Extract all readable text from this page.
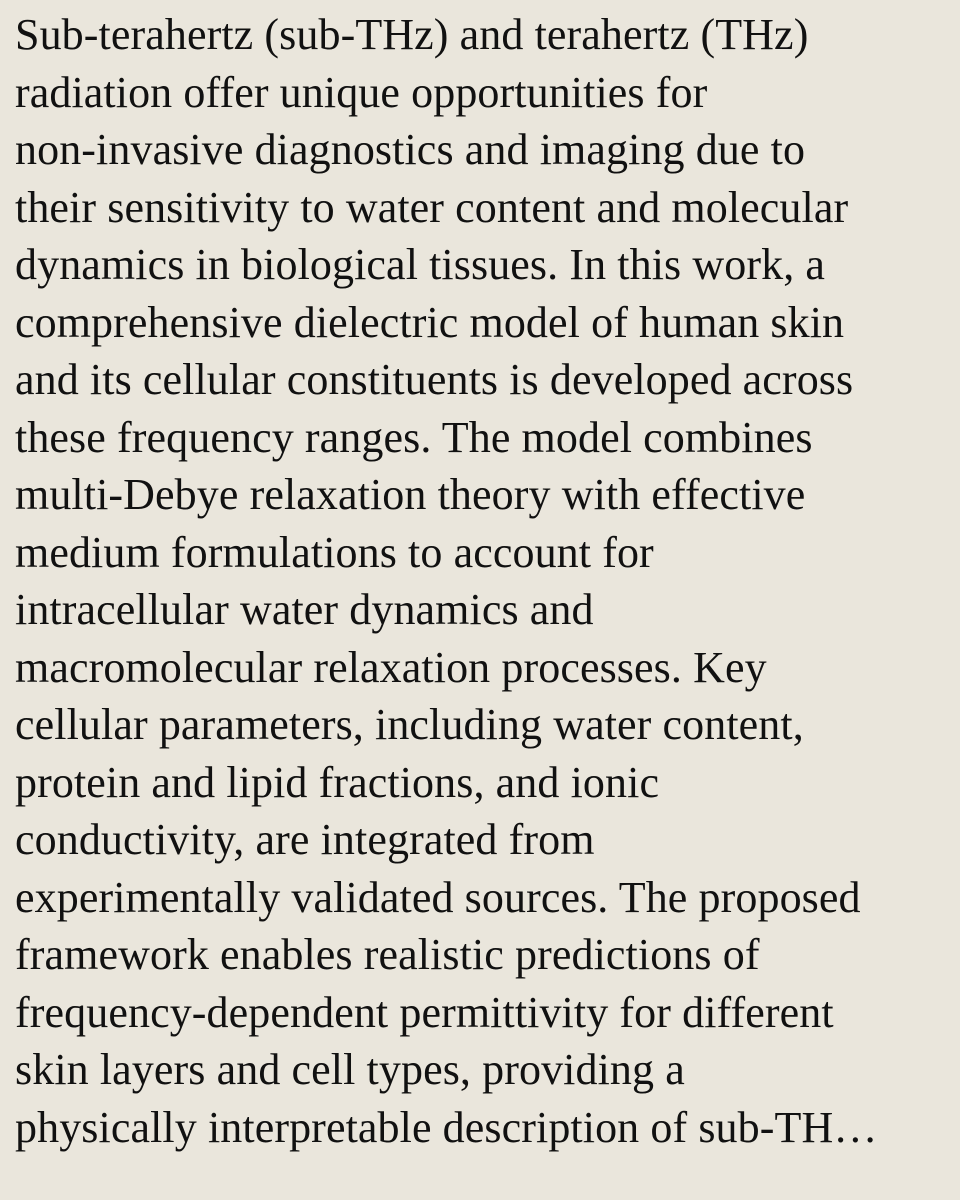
Sub-terahertz (sub-THz) and terahertz (THz)
radiation offer unique opportunities for
non-invasive diagnostics and imaging due to
their sensitivity to water content and molecular
dynamics in biological tissues. In this work, a
comprehensive dielectric model of human skin
and its cellular constituents is developed across
these frequency ranges. The model combines
multi-Debye relaxation theory with effective
medium formulations to account for
intracellular water dynamics and
macromolecular relaxation processes. Key
cellular parameters, including water content,
protein and lipid fractions, and ionic
conductivity, are integrated from
experimentally validated sources. The proposed
framework enables realistic predictions of
frequency-dependent permittivity for different
skin layers and cell types, providing a
physically interpretable description of sub-TH…
